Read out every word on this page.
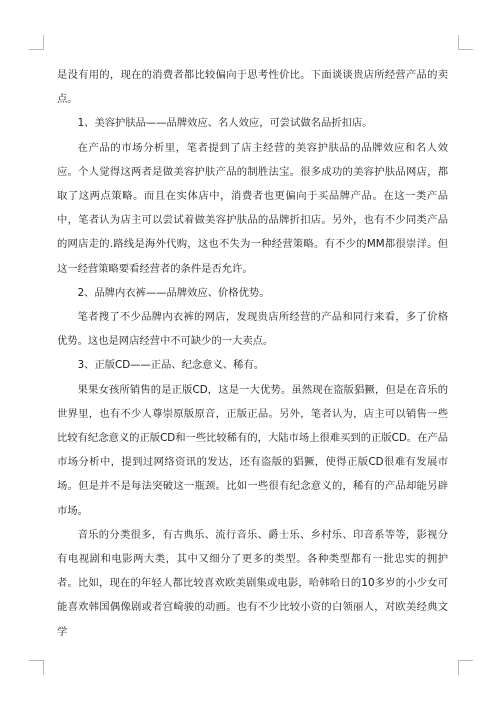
是没有用的，现在的消费者都比较偏向于思考性价比。下面谈谈贵店所经营产品的卖点。

1、美容护肤品——品牌效应、名人效应，可尝试做名品折扣店。

在产品的市场分析里，笔者提到了店主经营的美容护肤品的品牌效应和名人效应。个人觉得这两者是做美容护肤产品的制胜法宝。很多成功的美容护肤品网店，都取了这两点策略。而且在实体店中，消费者也更偏向于买品牌产品。在这一类产品中，笔者认为店主可以尝试着做美容护肤品的品牌折扣店。另外，也有不少同类产品的网店走的.路线是海外代购，这也不失为一种经营策略。有不少的MM都很崇洋。但这一经营策略要看经营者的条件是否允许。

2、品牌内衣裤——品牌效应、价格优势。

笔者搜了不少品牌内衣裤的网店，发现贵店所经营的产品和同行来看，多了价格优势。这也是网店经营中不可缺少的一大卖点。

3、正版CD——正品、纪念意义、稀有。

果果女孩所销售的是正版CD，这是一大优势。虽然现在盗版猖獗，但是在音乐的世界里，也有不少人尊崇原版原音，正版正品。另外，笔者认为，店主可以销售一些比较有纪念意义的正版CD和一些比较稀有的，大陆市场上很难买到的正版CD。在产品市场分析中，提到过网络资讯的发达，还有盗版的猖獗，使得正版CD很难有发展市场。但是并不是每法突破这一瓶颈。比如一些很有纪念意义的，稀有的产品却能另辟市场。

音乐的分类很多，有古典乐、流行音乐、爵士乐、乡村乐、印音系等等，影视分有电视剧和电影两大类，其中又细分了更多的类型。各种类型都有一批忠实的拥护者。比如，现在的年轻人都比较喜欢欧美剧集或电影，哈韩哈日的10多岁的小少女可能喜欢韩国偶像剧或者宫崎骏的动画。也有不少比较小资的白领丽人，对欧美经典文学
